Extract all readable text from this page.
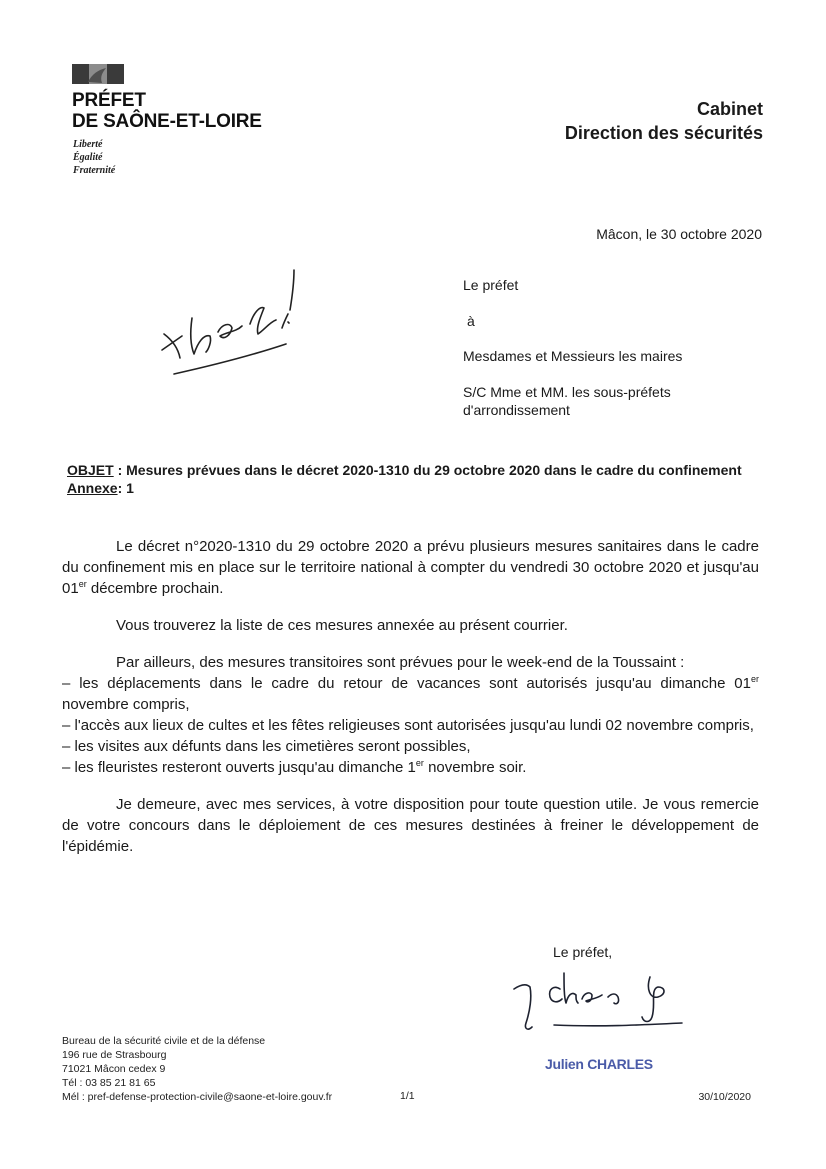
PRÉFET
DE SAÔNE-ET-LOIRE
Liberté
Égalité
Fraternité
Cabinet
Direction des sécurités
Mâcon, le 30 octobre 2020
Le préfet
à
Mesdames et Messieurs les maires
S/C Mme et MM. les sous-préfets
d'arrondissement
OBJET : Mesures prévues dans le décret 2020-1310 du 29 octobre 2020 dans le cadre du confinement
Annexe: 1

Le décret n°2020-1310 du 29 octobre 2020 a prévu plusieurs mesures sanitaires dans le cadre du confinement mis en place sur le territoire national à compter du vendredi 30 octobre 2020 et jusqu'au 01er décembre prochain.

Vous trouverez la liste de ces mesures annexée au présent courrier.

Par ailleurs, des mesures transitoires sont prévues pour le week-end de la Toussaint :

– les déplacements dans le cadre du retour de vacances sont autorisés jusqu'au dimanche 01er novembre compris,
– l'accès aux lieux de cultes et les fêtes religieuses sont autorisées jusqu'au lundi 02 novembre compris,
– les visites aux défunts dans les cimetières seront possibles,
– les fleuristes resteront ouverts jusqu'au dimanche 1er novembre soir.

Je demeure, avec mes services, à votre disposition pour toute question utile. Je vous remercie de votre concours dans le déploiement de ces mesures destinées à freiner le développement de l'épidémie.

Le préfet,
Julien CHARLES
Bureau de la sécurité civile et de la défense
196 rue de Strasbourg
71021 Mâcon cedex 9
Tél : 03 85 21 81 65
Mél : pref-defense-protection-civile@saone-et-loire.gouv.fr	1/1	30/10/2020
